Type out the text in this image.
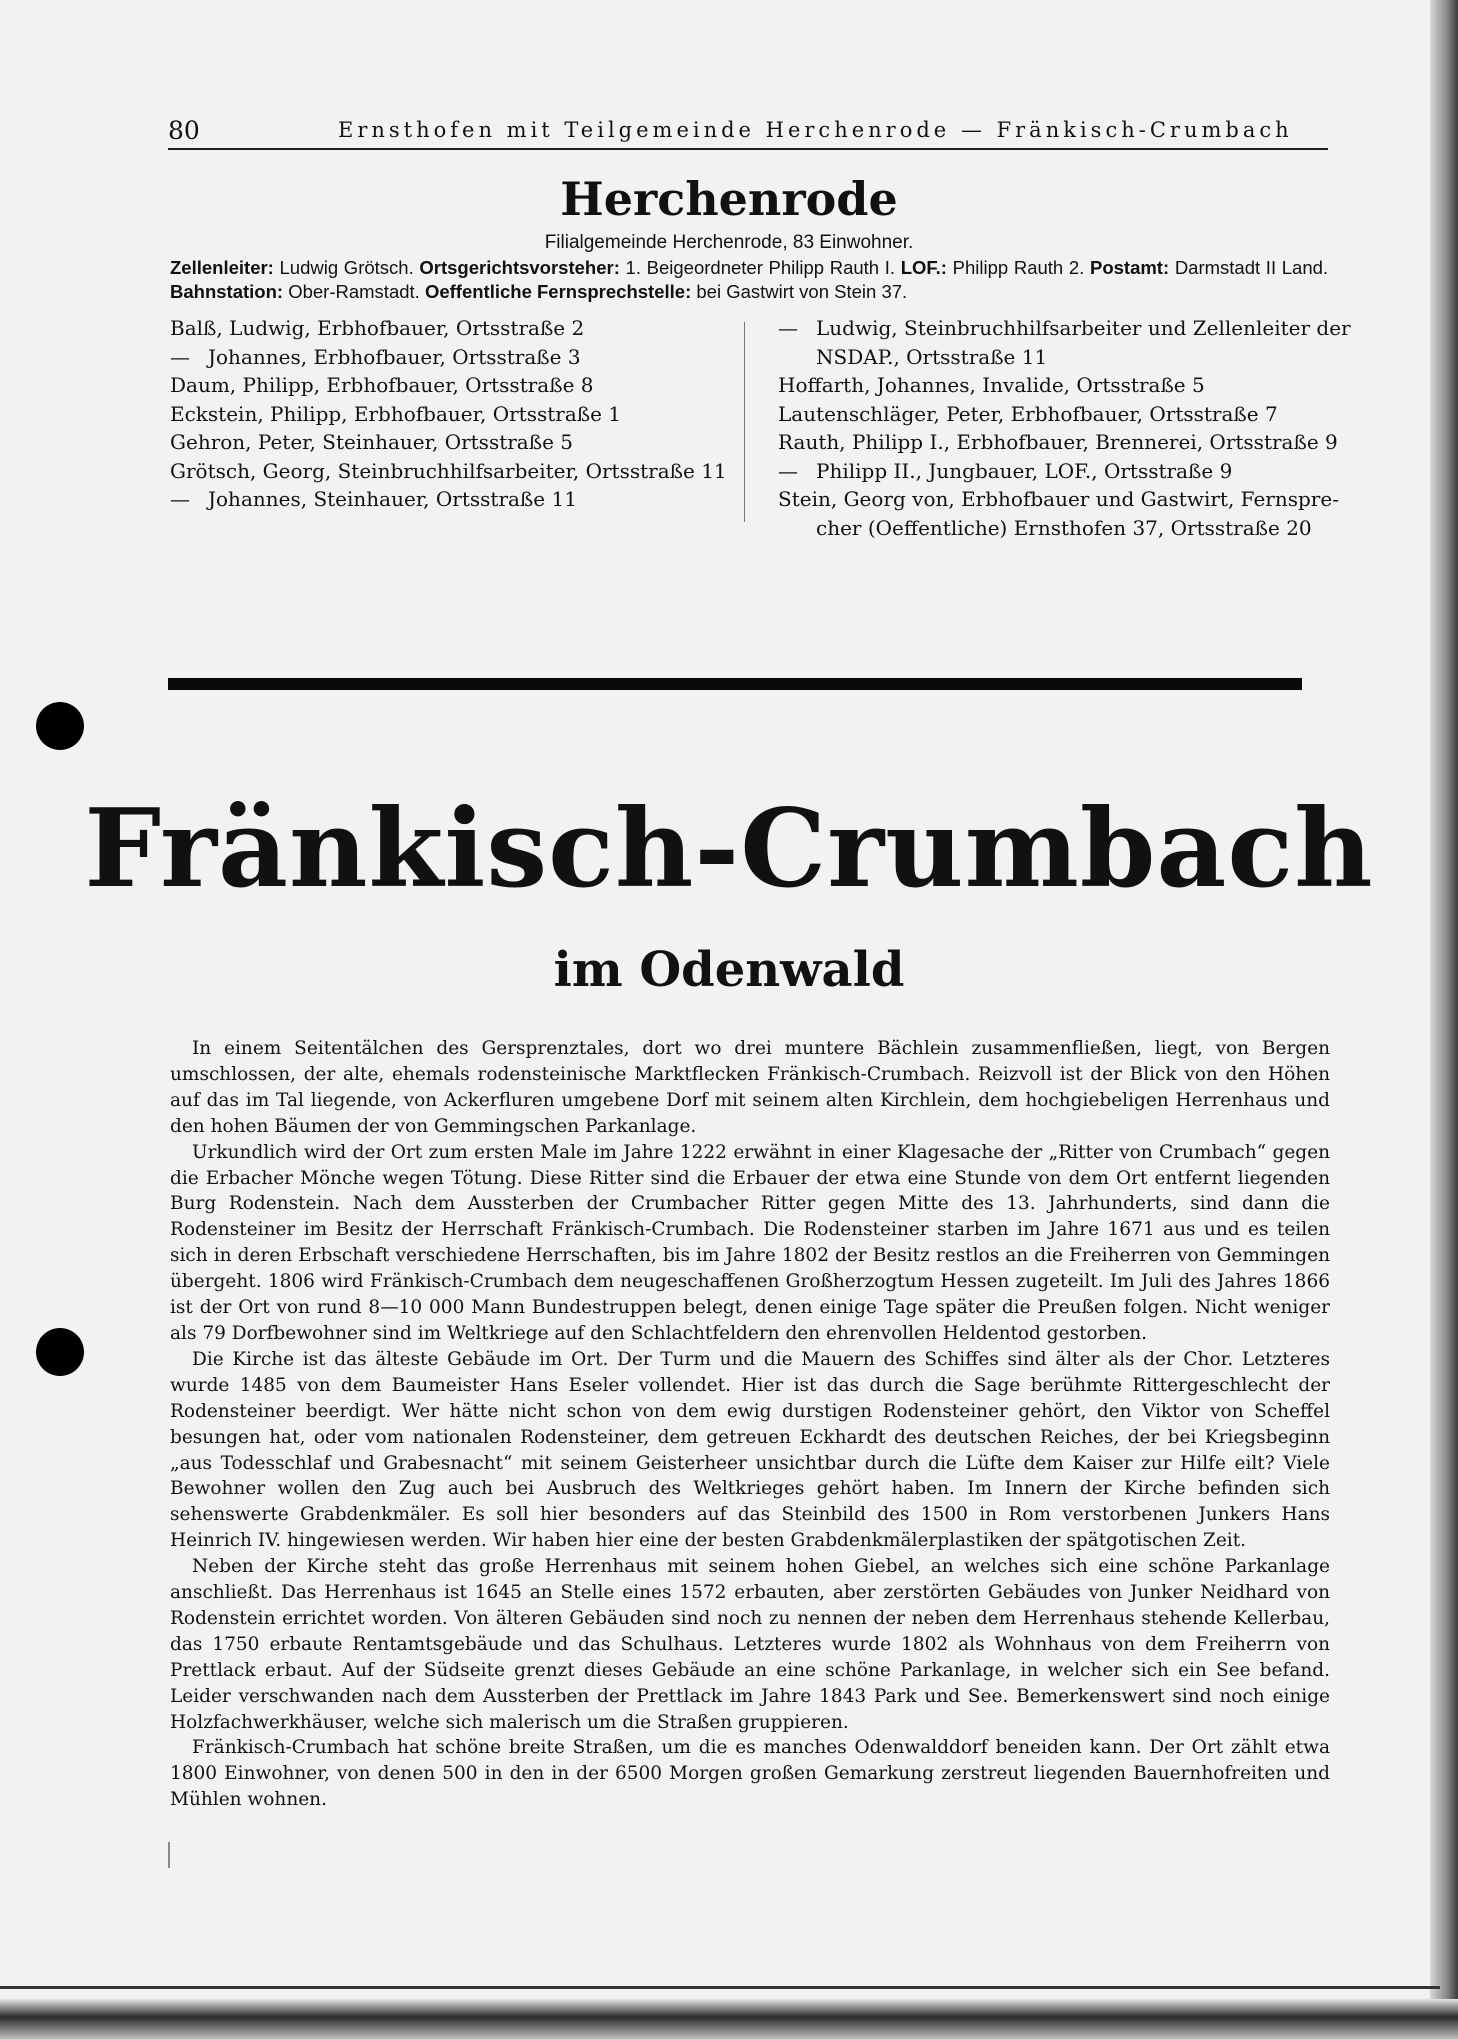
80	Ernsthofen mit Teilgemeinde Herchenrode — Fränkisch-Crumbach
Herchenrode
Filialgemeinde Herchenrode, 83 Einwohner.
Zellenleiter: Ludwig Grötsch. Ortsgerichtsvorsteher: 1. Beigeordneter Philipp Rauth I. LOF.: Philipp Rauth 2. Postamt: Darmstadt II Land. Bahnstation: Ober-Ramstadt. Oeffentliche Fernsprechstelle: bei Gastwirt von Stein 37.
Balß, Ludwig, Erbhofbauer, Ortsstraße 2
— Johannes, Erbhofbauer, Ortsstraße 3
Daum, Philipp, Erbhofbauer, Ortsstraße 8
Eckstein, Philipp, Erbhofbauer, Ortsstraße 1
Gehron, Peter, Steinhauer, Ortsstraße 5
Grötsch, Georg, Steinbruchhilfsarbeiter, Ortsstraße 11
— Johannes, Steinhauer, Ortsstraße 11
— Ludwig, Steinbruchhilfsarbeiter und Zellenleiter der
NSDAP., Ortsstraße 11
Hoffarth, Johannes, Invalide, Ortsstraße 5
Lautenschläger, Peter, Erbhofbauer, Ortsstraße 7
Rauth, Philipp I., Erbhofbauer, Brennerei, Ortsstraße 9
— Philipp II., Jungbauer, LOF., Ortsstraße 9
Stein, Georg von, Erbhofbauer und Gastwirt, Fernspre-
cher (Oeffentliche) Ernsthofen 37, Ortsstraße 20
Fränkisch-Crumbach
im Odenwald

In einem Seitentälchen des Gersprenztales, dort wo drei muntere Bächlein zusammenfließen, liegt, von Bergen umschlossen, der alte, ehemals rodensteinische Marktflecken Fränkisch-Crumbach. Reizvoll ist der Blick von den Höhen auf das im Tal liegende, von Ackerfluren umgebene Dorf mit seinem alten Kirchlein, dem hochgiebeligen Herrenhaus und den hohen Bäumen der von Gemmingschen Parkanlage.

Urkundlich wird der Ort zum ersten Male im Jahre 1222 erwähnt in einer Klagesache der „Ritter von Crumbach“ gegen die Erbacher Mönche wegen Tötung. Diese Ritter sind die Erbauer der etwa eine Stunde von dem Ort entfernt liegenden Burg Rodenstein. Nach dem Aussterben der Crumbacher Ritter gegen Mitte des 13. Jahrhunderts, sind dann die Rodensteiner im Besitz der Herrschaft Fränkisch-Crumbach. Die Rodensteiner starben im Jahre 1671 aus und es teilen sich in deren Erbschaft verschiedene Herrschaften, bis im Jahre 1802 der Besitz restlos an die Freiherren von Gemmingen übergeht. 1806 wird Fränkisch-Crumbach dem neugeschaffenen Großherzogtum Hessen zugeteilt. Im Juli des Jahres 1866 ist der Ort von rund 8—10 000 Mann Bundestruppen belegt, denen einige Tage später die Preußen folgen. Nicht weniger als 79 Dorfbewohner sind im Weltkriege auf den Schlachtfeldern den ehrenvollen Heldentod gestorben.

Die Kirche ist das älteste Gebäude im Ort. Der Turm und die Mauern des Schiffes sind älter als der Chor. Letzteres wurde 1485 von dem Baumeister Hans Eseler vollendet. Hier ist das durch die Sage berühmte Rittergeschlecht der Rodensteiner beerdigt. Wer hätte nicht schon von dem ewig durstigen Rodensteiner gehört, den Viktor von Scheffel besungen hat, oder vom nationalen Rodensteiner, dem getreuen Eckhardt des deutschen Reiches, der bei Kriegsbeginn „aus Todesschlaf und Grabesnacht“ mit seinem Geisterheer unsichtbar durch die Lüfte dem Kaiser zur Hilfe eilt? Viele Bewohner wollen den Zug auch bei Ausbruch des Weltkrieges gehört haben. Im Innern der Kirche befinden sich sehenswerte Grabdenkmäler. Es soll hier besonders auf das Steinbild des 1500 in Rom verstorbenen Junkers Hans Heinrich IV. hingewiesen werden. Wir haben hier eine der besten Grabdenkmälerplastiken der spätgotischen Zeit.

Neben der Kirche steht das große Herrenhaus mit seinem hohen Giebel, an welches sich eine schöne Parkanlage anschließt. Das Herrenhaus ist 1645 an Stelle eines 1572 erbauten, aber zerstörten Gebäudes von Junker Neidhard von Rodenstein errichtet worden. Von älteren Gebäuden sind noch zu nennen der neben dem Herrenhaus stehende Kellerbau, das 1750 erbaute Rentamtsgebäude und das Schulhaus. Letzteres wurde 1802 als Wohnhaus von dem Freiherrn von Prettlack erbaut. Auf der Südseite grenzt dieses Gebäude an eine schöne Parkanlage, in welcher sich ein See befand. Leider verschwanden nach dem Aussterben der Prettlack im Jahre 1843 Park und See. Bemerkenswert sind noch einige Holzfachwerkhäuser, welche sich malerisch um die Straßen gruppieren.

Fränkisch-Crumbach hat schöne breite Straßen, um die es manches Odenwalddorf beneiden kann. Der Ort zählt etwa 1800 Einwohner, von denen 500 in den in der 6500 Morgen großen Gemarkung zerstreut liegenden Bauernhofreiten und Mühlen wohnen.
